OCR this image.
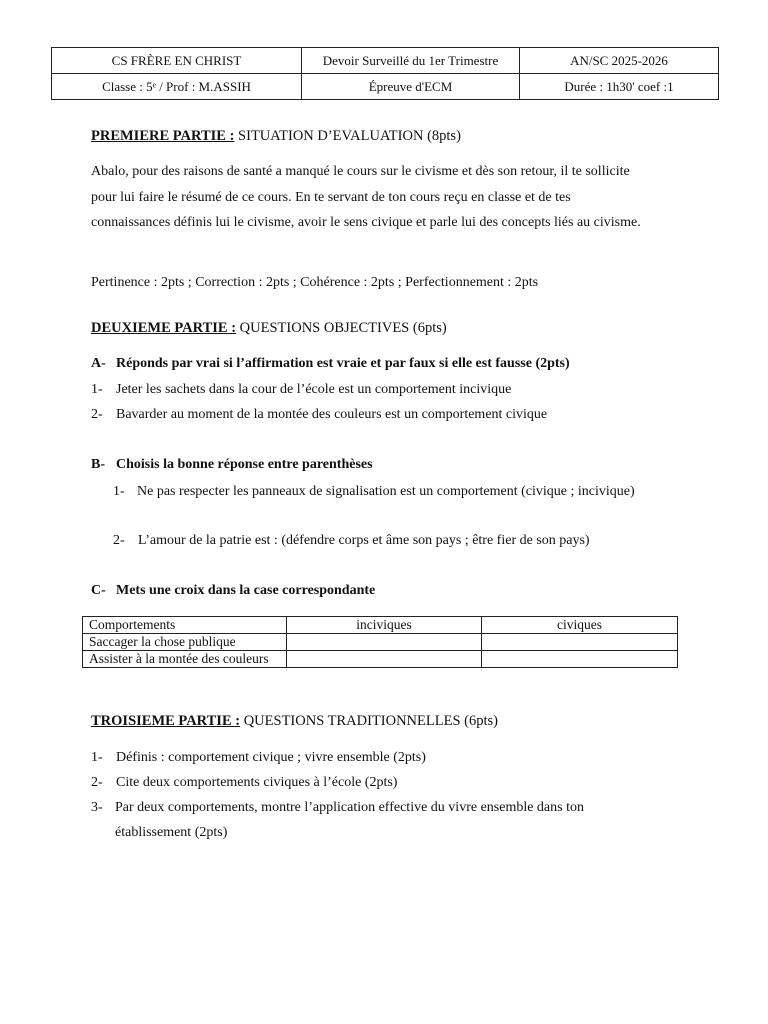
CS FRÈRE EN CHRIST	Devoir Surveillé du 1er Trimestre	AN/SC 2025-2026
Classe : 5ᵉ / Prof : M.ASSIH	Épreuve d'ECM	Durée : 1h30' coef :1
PREMIERE PARTIE : SITUATION D’EVALUATION (8pts)
Abalo, pour des raisons de santé a manqué le cours sur le civisme et dès son retour, il te sollicite pour lui faire le résumé de ce cours. En te servant de ton cours reçu en classe et de tes connaissances définis lui le civisme, avoir le sens civique et parle lui des concepts liés au civisme.
Pertinence : 2pts ; Correction : 2pts ; Cohérence : 2pts ; Perfectionnement : 2pts
DEUXIEME PARTIE : QUESTIONS OBJECTIVES (6pts)
A- Réponds par vrai si l’affirmation est vraie et par faux si elle est fausse (2pts)
1- Jeter les sachets dans la cour de l’école est un comportement incivique
2- Bavarder au moment de la montée des couleurs est un comportement civique
B- Choisis la bonne réponse entre parenthèses
1- Ne pas respecter les panneaux de signalisation est un comportement (civique ; incivique)
2- L’amour de la patrie est : (défendre corps et âme son pays ; être fier de son pays)
C- Mets une croix dans la case correspondante
Comportements	inciviques	civiques
Saccager la chose publique		
Assister à la montée des couleurs		
TROISIEME PARTIE : QUESTIONS TRADITIONNELLES (6pts)
1- Définis : comportement civique ; vivre ensemble (2pts)
2- Cite deux comportements civiques à l’école (2pts)
3- Par deux comportements, montre l’application effective du vivre ensemble dans ton établissement (2pts)
